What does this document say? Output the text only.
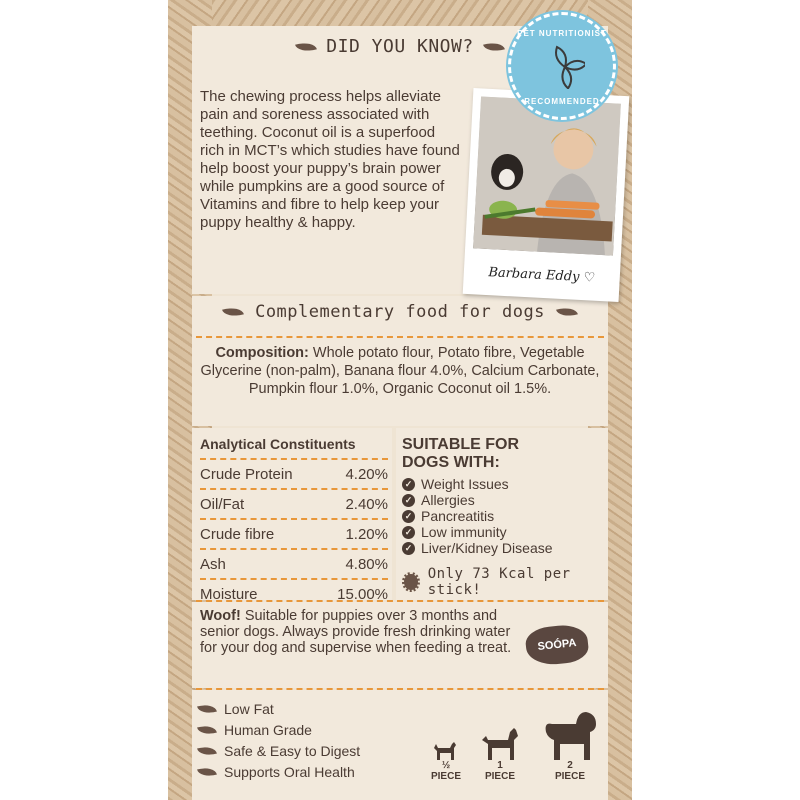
DID YOU KNOW?
The chewing process helps alleviate pain and soreness associated with teething. Coconut oil is a superfood rich in MCT’s which studies have found help boost your puppy’s brain power while pumpkins are a good source of Vitamins and fibre to help keep your puppy healthy & happy.
Barbara Eddy ♡
PET NUTRITIONIST
RECOMMENDED
Complementary food for dogs
Composition: Whole potato flour, Potato fibre, Vegetable Glycerine (non-palm), Banana flour 4.0%, Calcium Carbonate, Pumpkin flour 1.0%, Organic Coconut oil 1.5%.
Analytical Constituents
Crude Protein	4.20%
Oil/Fat	2.40%
Crude fibre	1.20%
Ash	4.80%
Moisture	15.00%
SUITABLE FOR
DOGS WITH:
✓ Weight Issues
✓ Allergies
✓ Pancreatitis
✓ Low immunity
✓ Liver/Kidney Disease
Only 73 Kcal per stick!
Woof! Suitable for puppies over 3 months and senior dogs. Always provide fresh drinking water for your dog and supervise when feeding a treat.	SOÓPA
Low Fat
Human Grade
Safe & Easy to Digest
Supports Oral Health	½
PIECE
1
PIECE
2
PIECE
